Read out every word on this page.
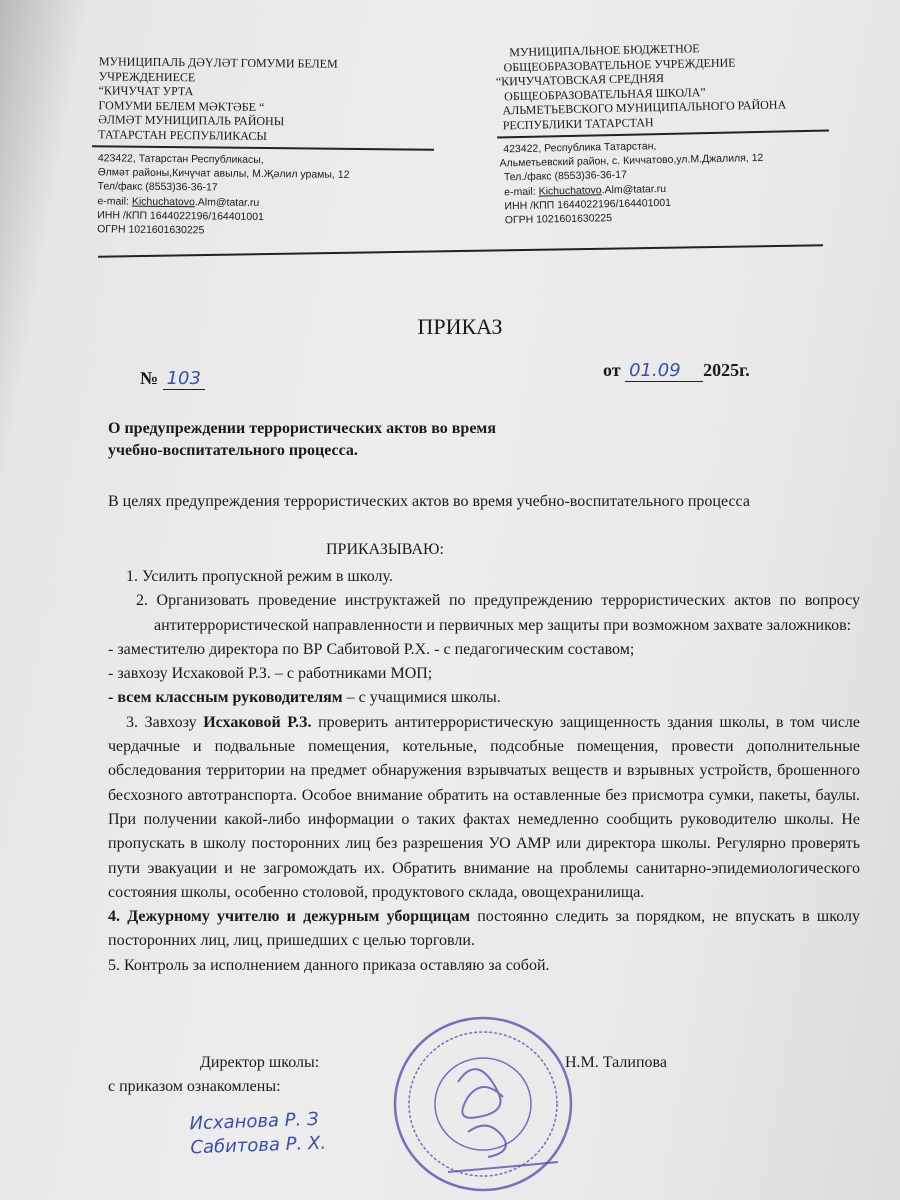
МУНИЦИПАЛЬ ДӘҮЛӘТ ГОМУМИ БЕЛЕМ
УЧРЕЖДЕНИЕСЕ
“КИЧУЧАТ УРТА
ГОМУМИ БЕЛЕМ МӘКТӘБЕ “
ӘЛМӘТ МУНИЦИПАЛЬ РАЙОНЫ
ТАТАРСТАН РЕСПУБЛИКАСЫ
423422, Татарстан Республикасы,
Әлмәт районы,Кичүчат авылы, М.Җәлил урамы, 12
Тел/факс (8553)36-36-17
e-mail: Kichuchatovo.Alm@tatar.ru
ИНН /КПП 1644022196/164401001
ОГРН 1021601630225
МУНИЦИПАЛЬНОЕ БЮДЖЕТНОЕ
ОБЩЕОБРАЗОВАТЕЛЬНОЕ УЧРЕЖДЕНИЕ
“КИЧУЧАТОВСКАЯ СРЕДНЯЯ
ОБЩЕОБРАЗОВАТЕЛЬНАЯ ШКОЛА”
АЛЬМЕТЬЕВСКОГО МУНИЦИПАЛЬНОГО РАЙОНА
РЕСПУБЛИКИ ТАТАРСТАН
423422, Республика Татарстан,
Альметьевский район, с. Киччатово,ул.М.Джалиля, 12
Тел./факс (8553)36-36-17
e-mail: Kichuchatovo.Alm@tatar.ru
ИНН /КПП 1644022196/164401001
ОГРН 1021601630225
ПРИКАЗ
№ 103	от 01.09 2025г.
О предупреждении террористических актов во время
учебно-воспитательного процесса.
В целях предупреждения террористических актов во время учебно-воспитательного процесса
ПРИКАЗЫВАЮ:

1. Усилить пропускной режим в школу.

2. Организовать проведение инструктажей по предупреждению террористических актов по вопросу антитеррористической направленности и первичных мер защиты при возможном захвате заложников:

- заместителю директора по ВР Сабитовой Р.Х. - с педагогическим составом;

- завхозу Исхаковой Р.З. – с работниками МОП;

- всем классным руководителям – с учащимися школы.

3. Завхозу Исхаковой Р.З. проверить антитеррористическую защищенность здания школы, в том числе чердачные и подвальные помещения, котельные, подсобные помещения, провести дополнительные обследования территории на предмет обнаружения взрывчатых веществ и взрывных устройств, брошенного бесхозного автотранспорта. Особое внимание обратить на оставленные без присмотра сумки, пакеты, баулы. При получении какой-либо информации о таких фактах немедленно сообщить руководителю школы. Не пропускать в школу посторонних лиц без разрешения УО АМР или директора школы. Регулярно проверять пути эвакуации и не загромождать их. Обратить внимание на проблемы санитарно-эпидемиологического состояния школы, особенно столовой, продуктового склада, овощехранилища.

4. Дежурному учителю и дежурным уборщицам постоянно следить за порядком, не впускать в школу посторонних лиц, лиц, пришедших с целью торговли.

5. Контроль за исполнением данного приказа оставляю за собой.

Директор школы:	Н.М. Талипова
с приказом ознакомлены:
Исханова Р. З
Сабитова Р. Х.
